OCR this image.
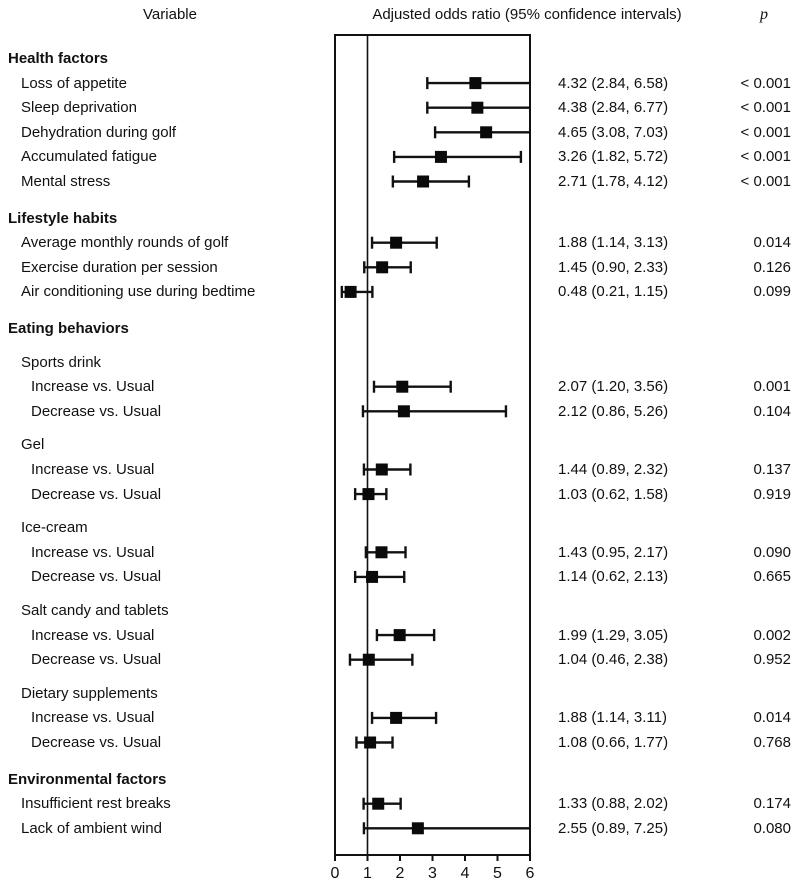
Variable	Adjusted odds ratio (95% confidence intervals)	p
Health factors
Loss of appetite	4.32 (2.84, 6.58)	< 0.001
Sleep deprivation	4.38 (2.84, 6.77)	< 0.001
Dehydration during golf	4.65 (3.08, 7.03)	< 0.001
Accumulated fatigue	3.26 (1.82, 5.72)	< 0.001
Mental stress	2.71 (1.78, 4.12)	< 0.001
Lifestyle habits
Average monthly rounds of golf	1.88 (1.14, 3.13)	0.014
Exercise duration per session	1.45 (0.90, 2.33)	0.126
Air conditioning use during bedtime	0.48 (0.21, 1.15)	0.099
Eating behaviors
Sports drink
Increase vs. Usual	2.07 (1.20, 3.56)	0.001
Decrease vs. Usual	2.12 (0.86, 5.26)	0.104
Gel
Increase vs. Usual	1.44 (0.89, 2.32)	0.137
Decrease vs. Usual	1.03 (0.62, 1.58)	0.919
Ice-cream
Increase vs. Usual	1.43 (0.95, 2.17)	0.090
Decrease vs. Usual	1.14 (0.62, 2.13)	0.665
Salt candy and tablets
Increase vs. Usual	1.99 (1.29, 3.05)	0.002
Decrease vs. Usual	1.04 (0.46, 2.38)	0.952
Dietary supplements
Increase vs. Usual	1.88 (1.14, 3.11)	0.014
Decrease vs. Usual	1.08 (0.66, 1.77)	0.768
Environmental factors
Insufficient rest breaks	1.33 (0.88, 2.02)	0.174
Lack of ambient wind	2.55 (0.89, 7.25)	0.080
0 1 2 3 4 5 6
